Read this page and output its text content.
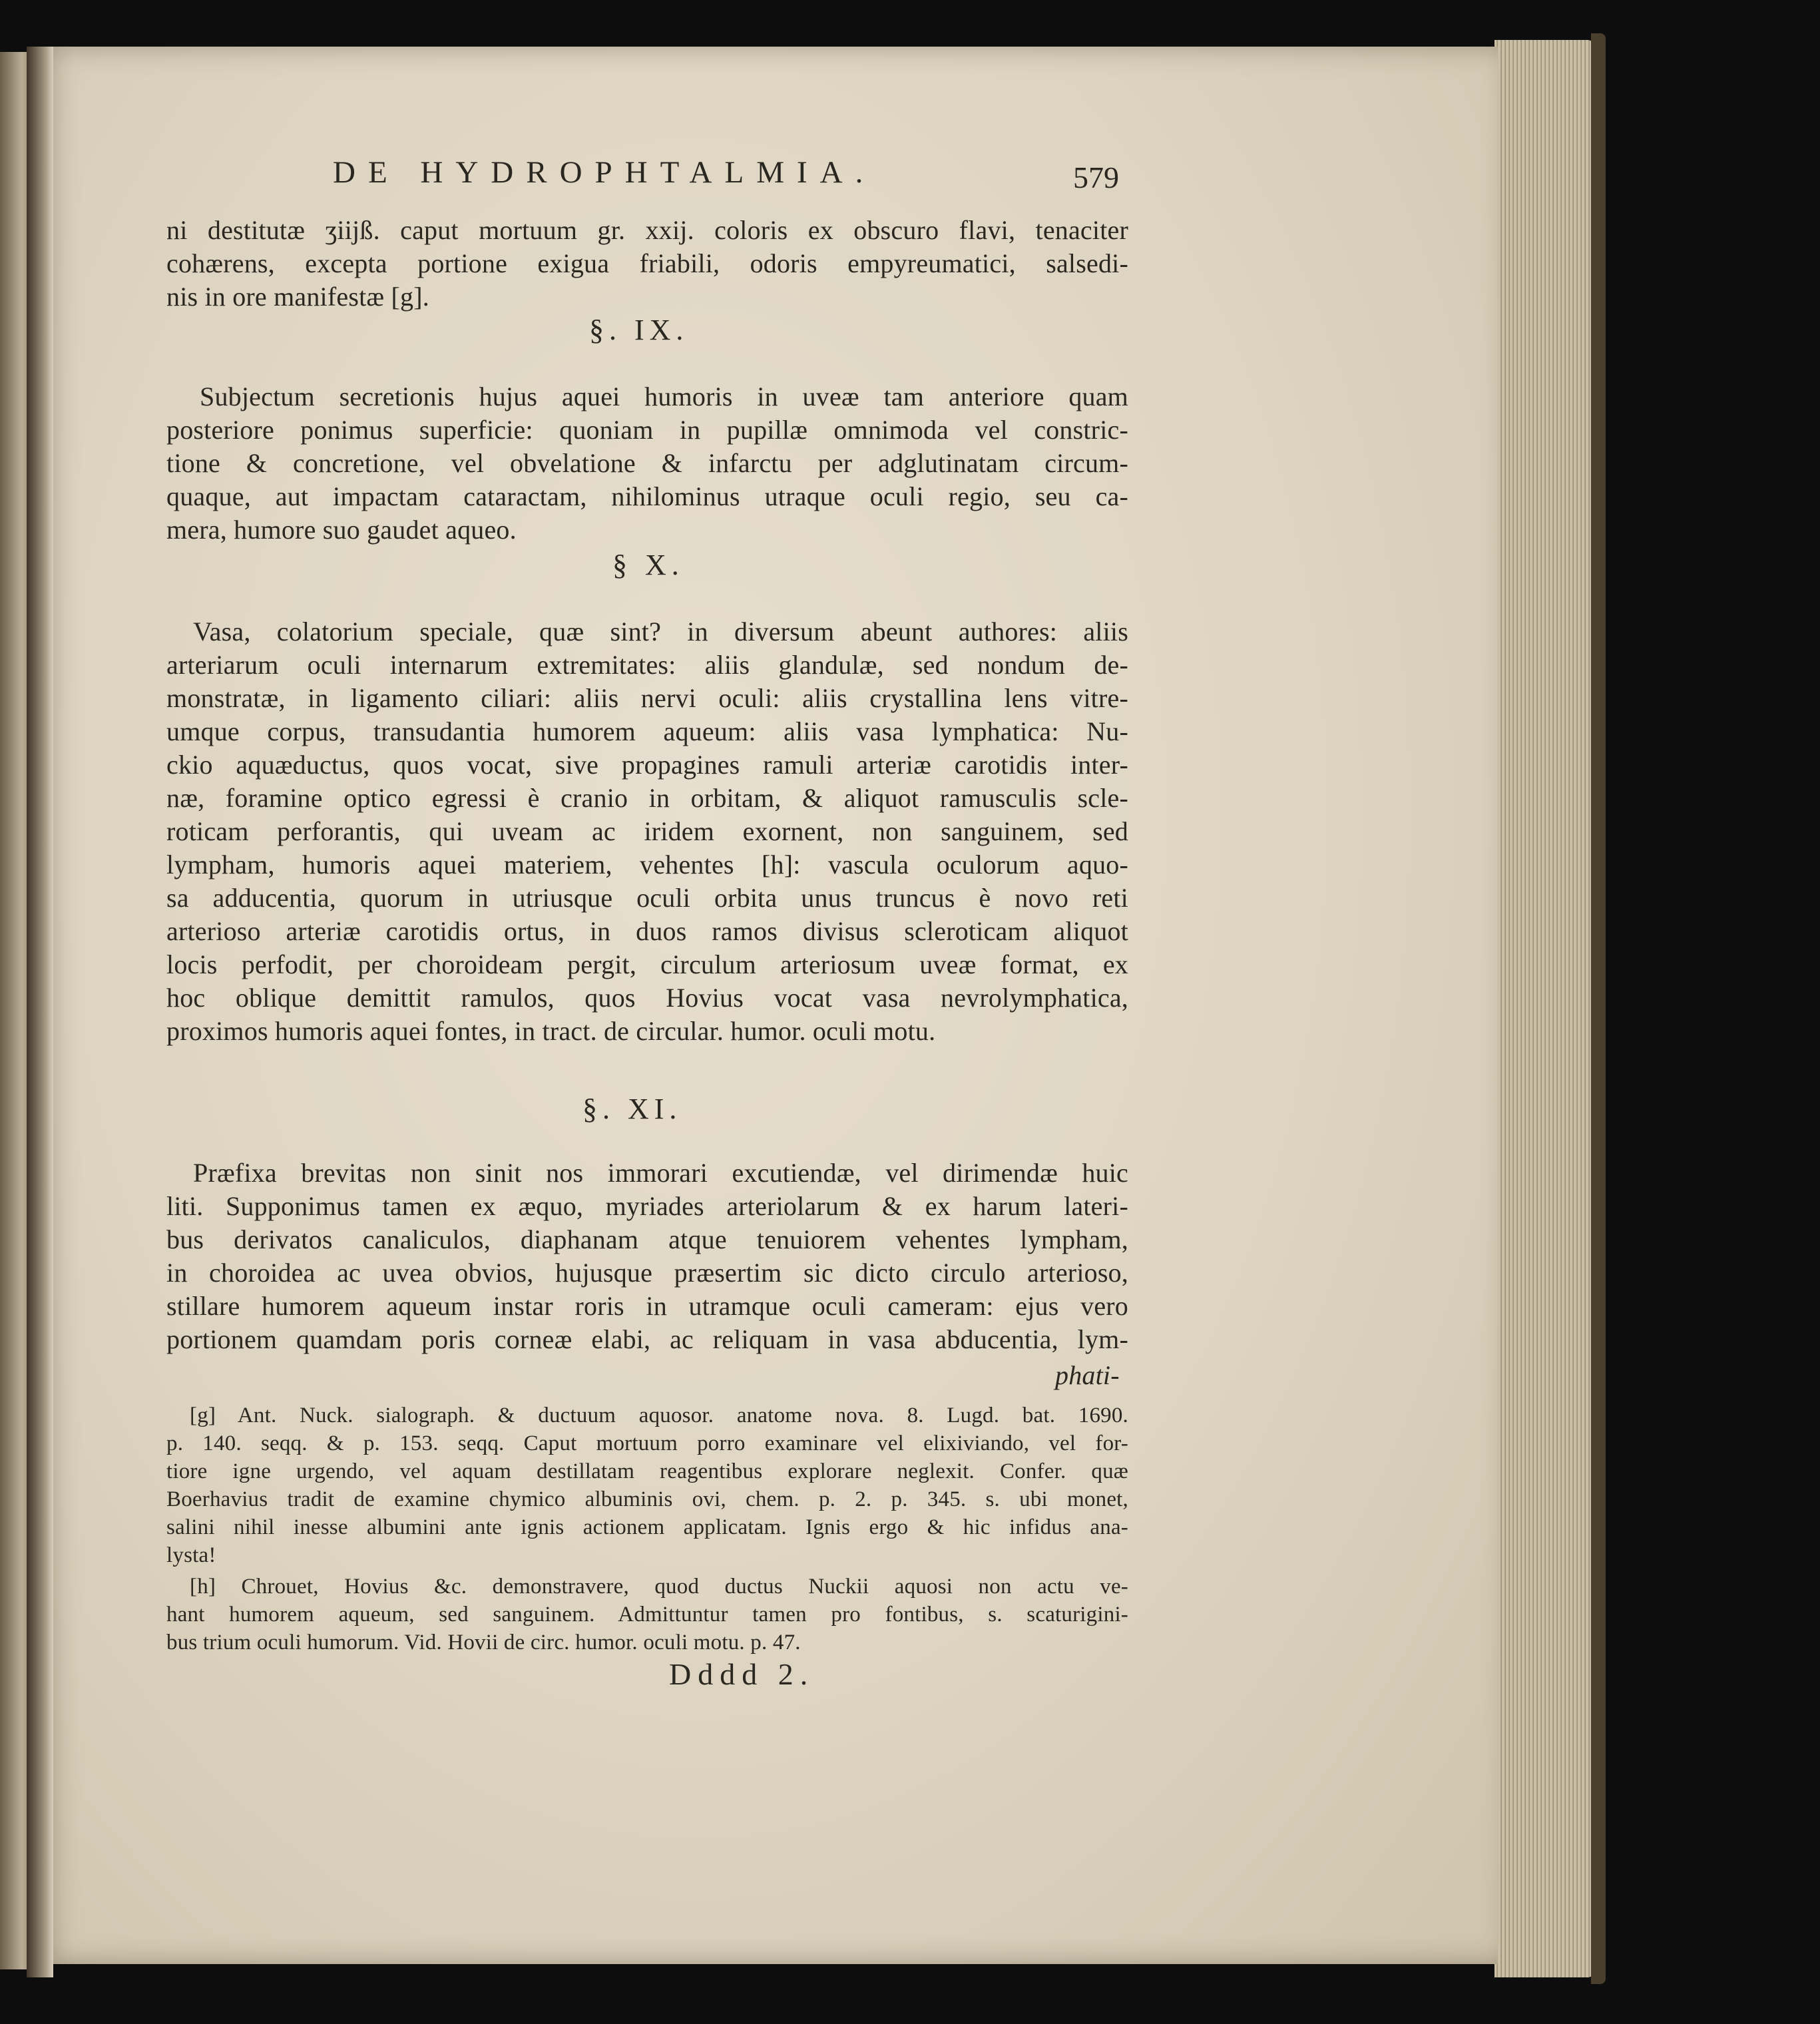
DE HYDROPHTALMIA.	579
ni destitutæ ʒiijß. caput mortuum gr. xxij. coloris ex obscuro flavi, tenaciter
cohærens, excepta portione exigua friabili, odoris empyreumatici, salsedi-
nis in ore manifestæ [g].
§. IX.
Subjectum secretionis hujus aquei humoris in uveæ tam anteriore quam
posteriore ponimus superficie: quoniam in pupillæ omnimoda vel constric-
tione & concretione, vel obvelatione & infarctu per adglutinatam circum-
quaque, aut impactam cataractam, nihilominus utraque oculi regio, seu ca-
mera, humore suo gaudet aqueo.
§ X.
Vasa, colatorium speciale, quæ sint? in diversum abeunt authores: aliis
arteriarum oculi internarum extremitates: aliis glandulæ, sed nondum de-
monstratæ, in ligamento ciliari: aliis nervi oculi: aliis crystallina lens vitre-
umque corpus, transudantia humorem aqueum: aliis vasa lymphatica: Nu-
ckio aquæductus, quos vocat, sive propagines ramuli arteriæ carotidis inter-
næ, foramine optico egressi è cranio in orbitam, & aliquot ramusculis scle-
roticam perforantis, qui uveam ac iridem exornent, non sanguinem, sed
lympham, humoris aquei materiem, vehentes [h]: vascula oculorum aquo-
sa adducentia, quorum in utriusque oculi orbita unus truncus è novo reti
arterioso arteriæ carotidis ortus, in duos ramos divisus scleroticam aliquot
locis perfodit, per choroideam pergit, circulum arteriosum uveæ format, ex
hoc oblique demittit ramulos, quos Hovius vocat vasa nevrolymphatica,
proximos humoris aquei fontes, in tract. de circular. humor. oculi motu.
§. XI.
Præfixa brevitas non sinit nos immorari excutiendæ, vel dirimendæ huic
liti. Supponimus tamen ex æquo, myriades arteriolarum & ex harum lateri-
bus derivatos canaliculos, diaphanam atque tenuiorem vehentes lympham,
in choroidea ac uvea obvios, hujusque præsertim sic dicto circulo arterioso,
stillare humorem aqueum instar roris in utramque oculi cameram: ejus vero
portionem quamdam poris corneæ elabi, ac reliquam in vasa abducentia, lym-
phati-
[g] Ant. Nuck. sialograph. & ductuum aquosor. anatome nova. 8. Lugd. bat. 1690.
p. 140. seqq. & p. 153. seqq. Caput mortuum porro examinare vel elixiviando, vel for-
tiore igne urgendo, vel aquam destillatam reagentibus explorare neglexit. Confer. quæ
Boerhavius tradit de examine chymico albuminis ovi, chem. p. 2. p. 345. s. ubi monet,
salini nihil inesse albumini ante ignis actionem applicatam. Ignis ergo & hic infidus ana-
lysta!
[h] Chrouet, Hovius &c. demonstravere, quod ductus Nuckii aquosi non actu ve-
hant humorem aqueum, sed sanguinem. Admittuntur tamen pro fontibus, s. scaturigini-
bus trium oculi humorum. Vid. Hovii de circ. humor. oculi motu. p. 47.
Dddd 2.
